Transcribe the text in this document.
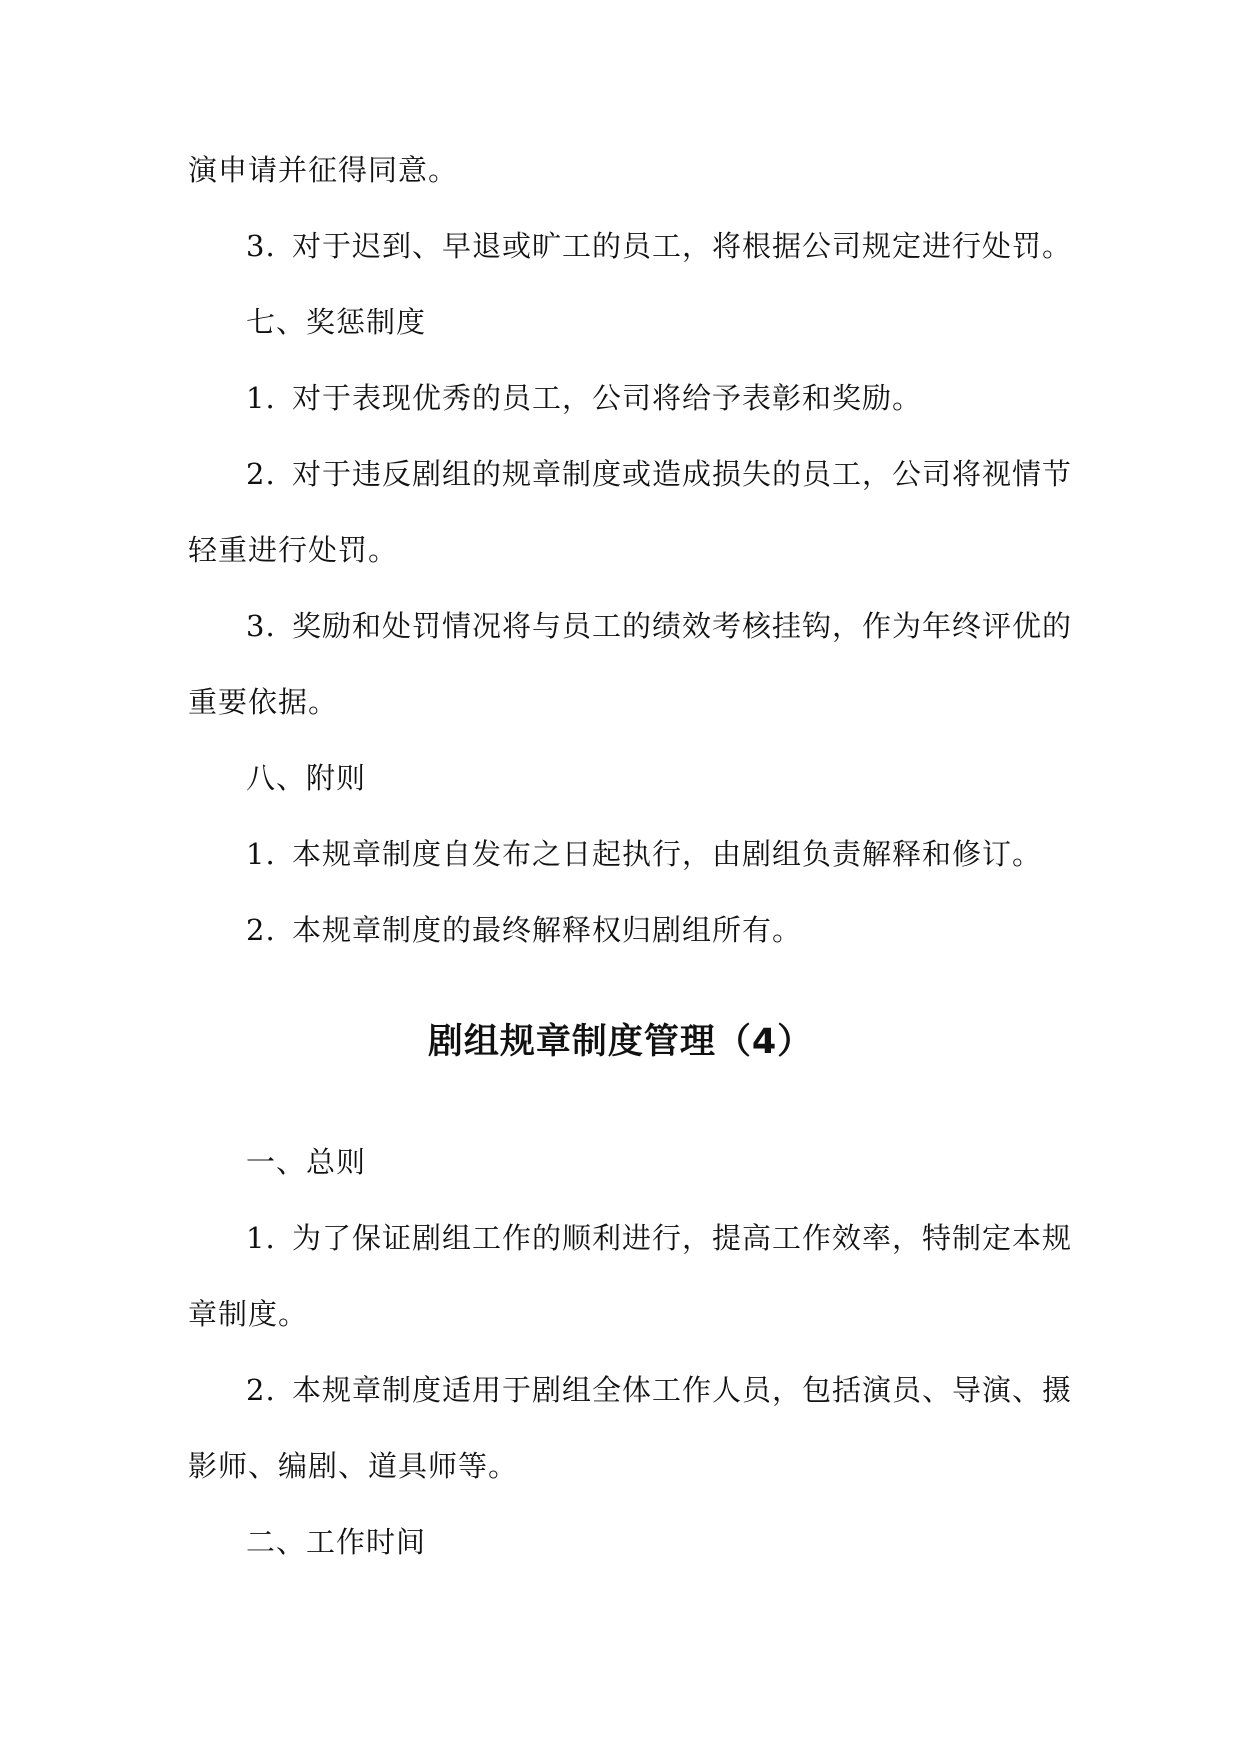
演申请并征得同意。
3. 对于迟到、早退或旷工的员工，将根据公司规定进行处罚。
七、奖惩制度
1. 对于表现优秀的员工，公司将给予表彰和奖励。
2. 对于违反剧组的规章制度或造成损失的员工，公司将视情节
轻重进行处罚。
3. 奖励和处罚情况将与员工的绩效考核挂钩，作为年终评优的
重要依据。
八、附则
1. 本规章制度自发布之日起执行，由剧组负责解释和修订。
2. 本规章制度的最终解释权归剧组所有。
剧组规章制度管理（4）
一、总则
1. 为了保证剧组工作的顺利进行，提高工作效率，特制定本规
章制度。
2. 本规章制度适用于剧组全体工作人员，包括演员、导演、摄
影师、编剧、道具师等。
二、工作时间
